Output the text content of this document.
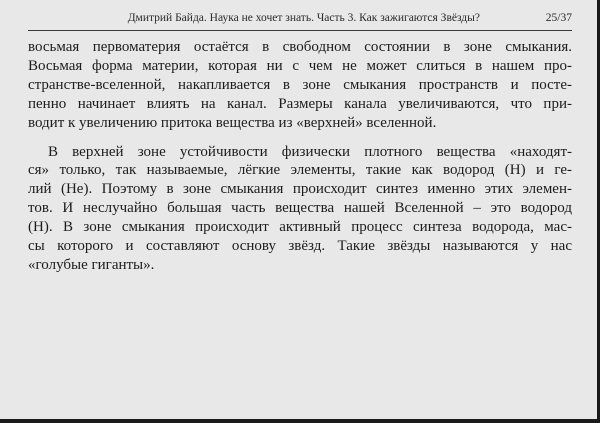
Дмитрий Байда. Наука не хочет знать. Часть 3. Как зажигаются Звёзды?	25/37

восьмая первоматерия остаётся в свободном состоянии в зоне смыкания.
Восьмая форма материи, которая ни с чем не может слиться в нашем про-
странстве-вселенной, накапливается в зоне смыкания пространств и посте-
пенно начинает влиять на канал. Размеры канала увеличиваются, что при-
водит к увеличению притока вещества из «верхней» вселенной.

В верхней зоне устойчивости физически плотного вещества «находят-
ся» только, так называемые, лёгкие элементы, такие как водород (H) и ге-
лий (He). Поэтому в зоне смыкания происходит синтез именно этих элемен-
тов. И неслучайно большая часть вещества нашей Вселенной – это водород
(H). В зоне смыкания происходит активный процесс синтеза водорода, мас-
сы которого и составляют основу звёзд. Такие звёзды называются у нас
«голубые гиганты».
